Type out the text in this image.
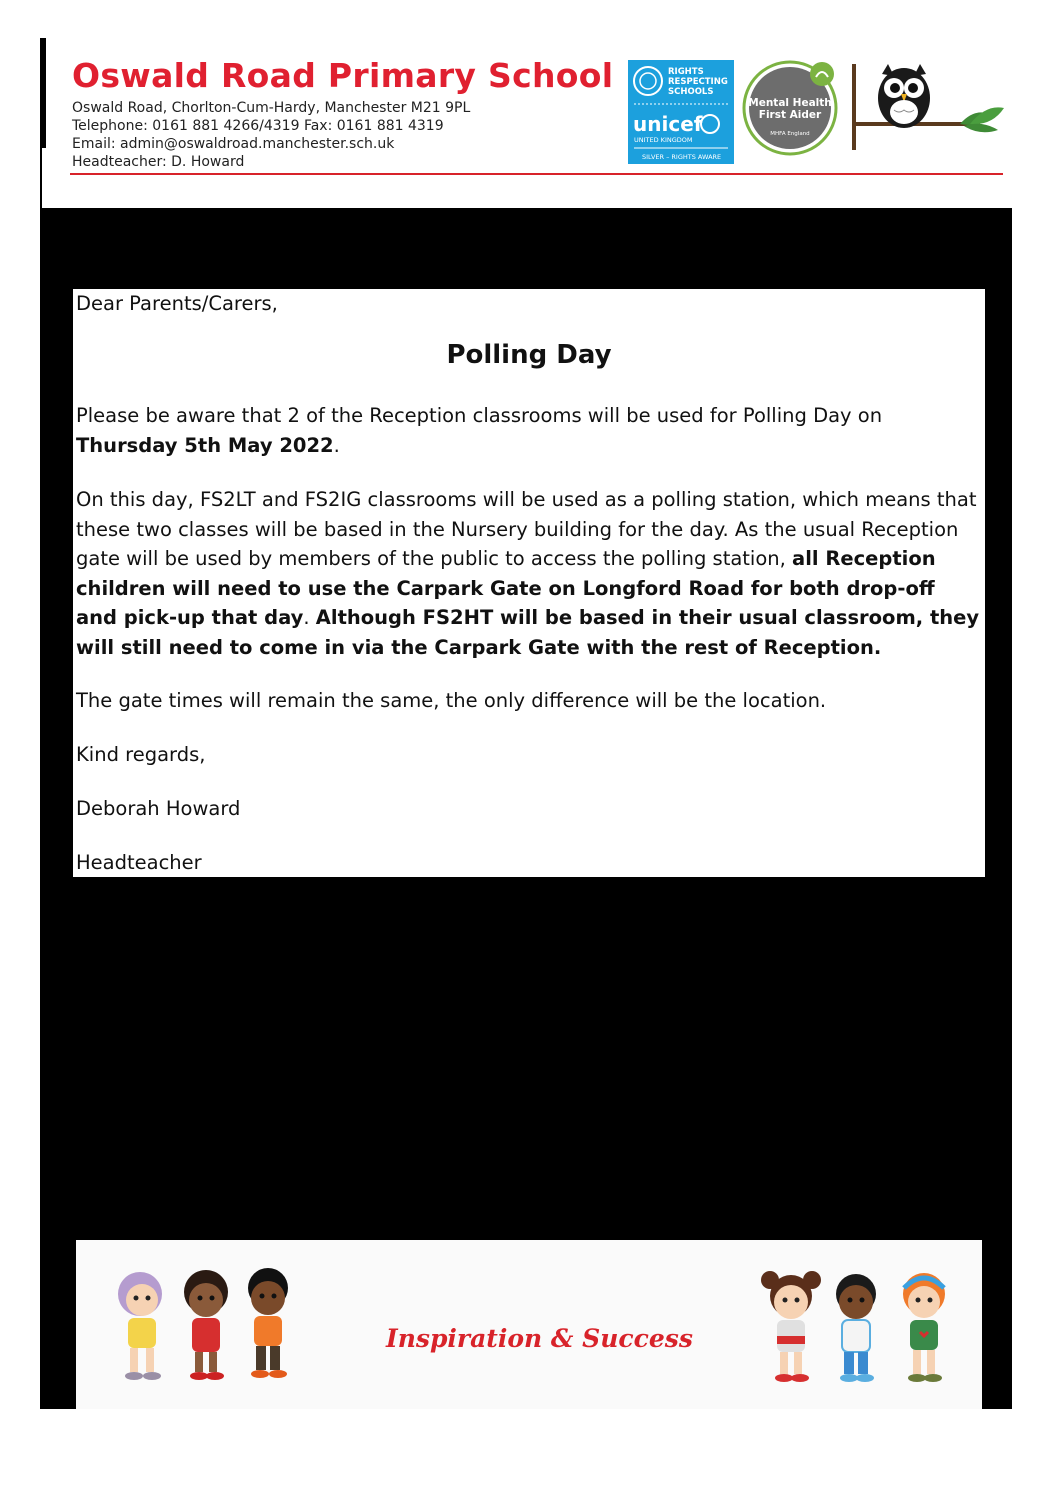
Oswald Road Primary School
Oswald Road, Chorlton-Cum-Hardy, Manchester M21 9PL
Telephone: 0161 881 4266/4319 Fax: 0161 881 4319
Email: admin@oswaldroad.manchester.sch.uk
Headteacher: D. Howard
RIGHTS
RESPECTING
SCHOOLS
unicef
UNITED KINGDOM
SILVER – RIGHTS AWARE
Mental Health
First Aider
MHFA England

Dear Parents/Carers,

Polling Day

Please be aware that 2 of the Reception classrooms will be used for Polling Day on Thursday 5th May 2022.

On this day, FS2LT and FS2IG classrooms will be used as a polling station, which means that these two classes will be based in the Nursery building for the day. As the usual Reception gate will be used by members of the public to access the polling station, all Reception children will need to use the Carpark Gate on Longford Road for both drop-off and pick-up that day. Although FS2HT will be based in their usual classroom, they will still need to come in via the Carpark Gate with the rest of Reception.

The gate times will remain the same, the only difference will be the location.

Kind regards,

Deborah Howard

Headteacher

Inspiration & Success
